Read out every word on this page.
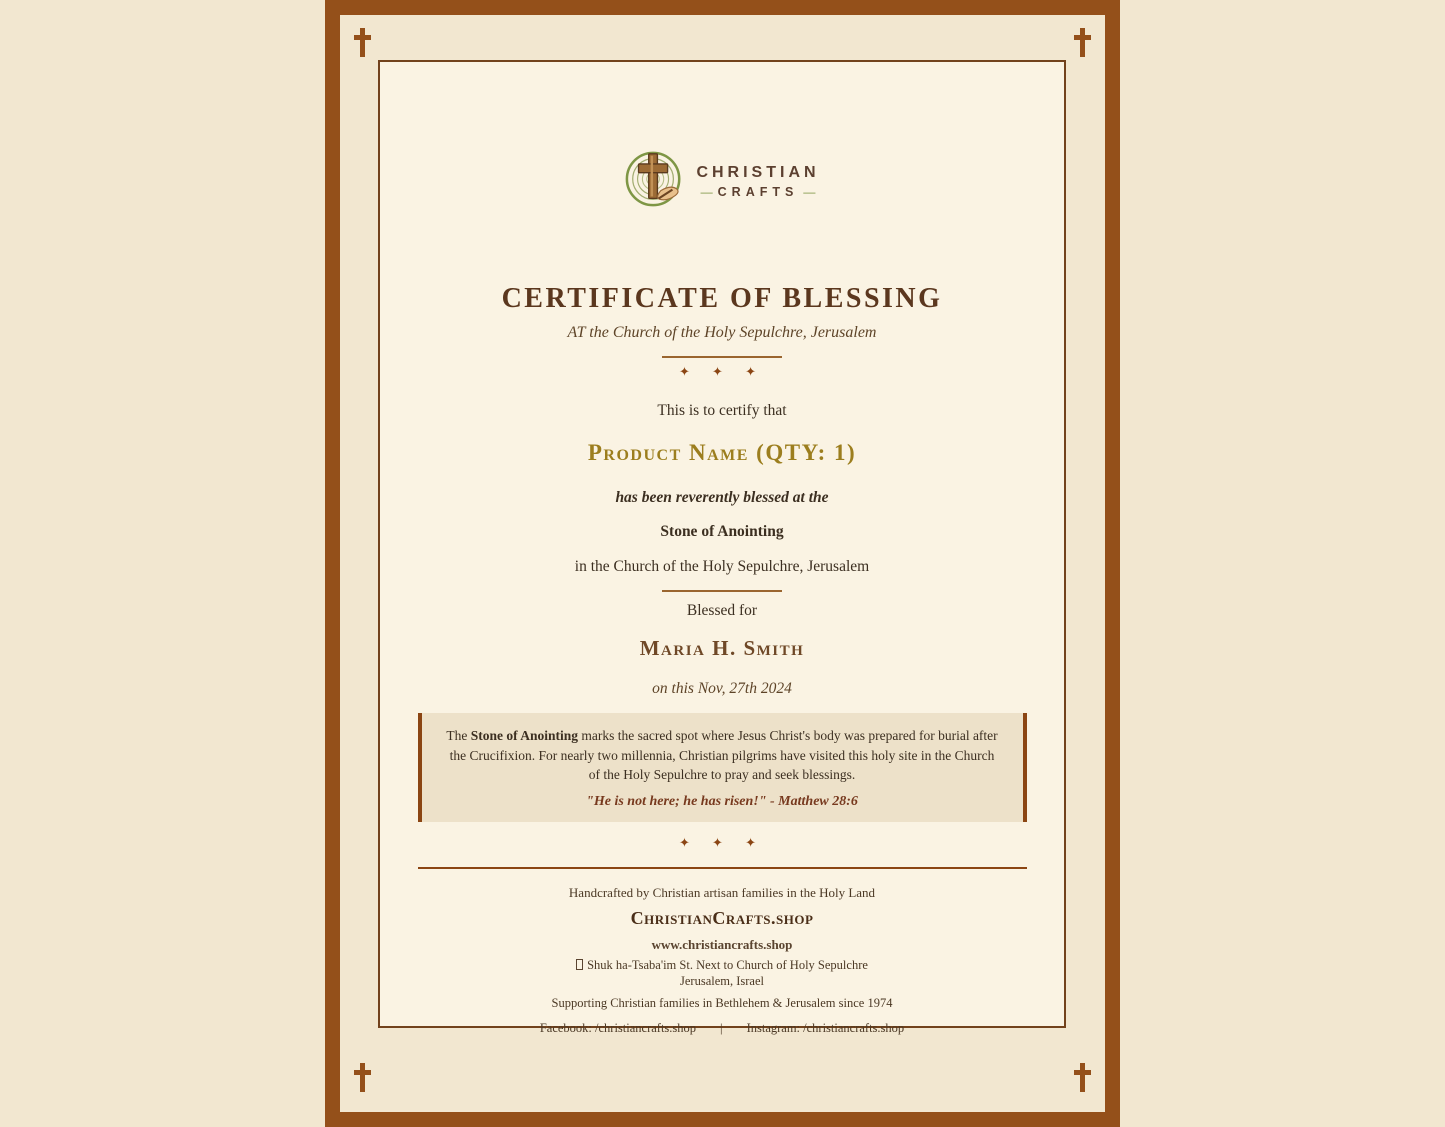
CHRISTIAN
— CRAFTS —
CERTIFICATE OF BLESSING
AT the Church of the Holy Sepulchre, Jerusalem
✦ ✦ ✦
This is to certify that
Product Name (QTY: 1)
has been reverently blessed at the
Stone of Anointing
in the Church of the Holy Sepulchre, Jerusalem
Blessed for
Maria H. Smith
on this Nov, 27th 2024
The Stone of Anointing marks the sacred spot where Jesus Christ's body was prepared for burial after the Crucifixion. For nearly two millennia, Christian pilgrims have visited this holy site in the Church of the Holy Sepulchre to pray and seek blessings.
"He is not here; he has risen!" - Matthew 28:6
✦ ✦ ✦
Handcrafted by Christian artisan families in the Holy Land
ChristianCrafts.shop
www.christiancrafts.shop
Shuk ha-Tsaba'im St. Next to Church of Holy Sepulchre
Jerusalem, Israel
Supporting Christian families in Bethlehem & Jerusalem since 1974
Facebook: /christiancrafts.shop | Instagram: /christiancrafts.shop
